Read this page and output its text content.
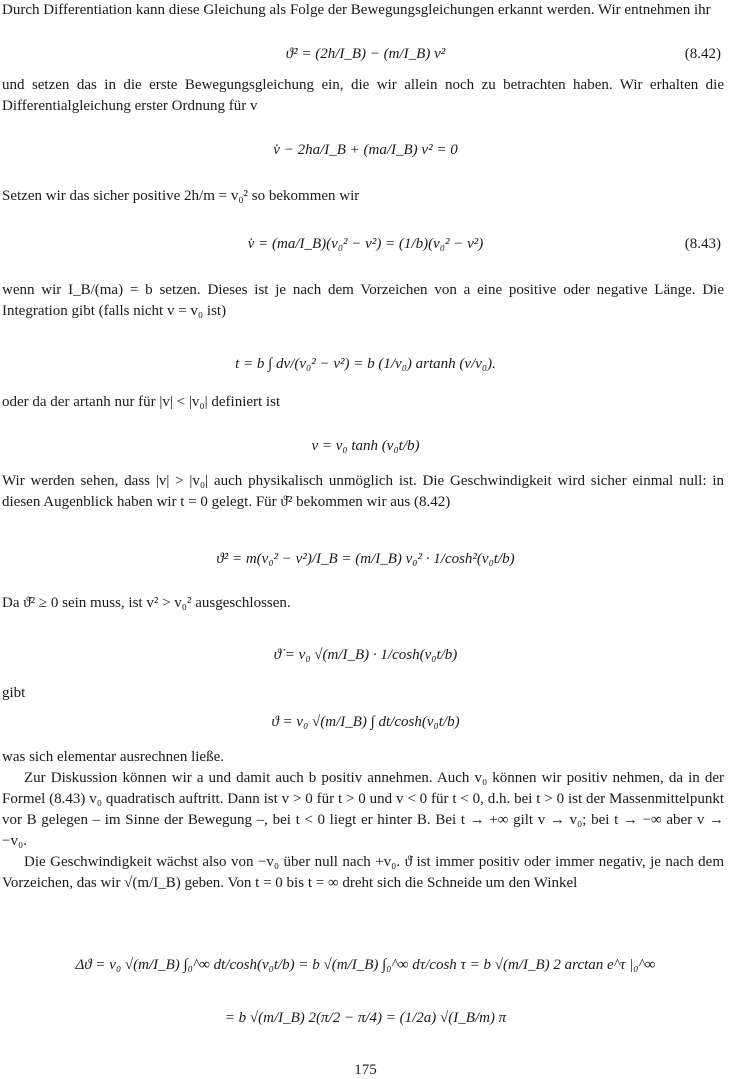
Durch Differentiation kann diese Gleichung als Folge der Bewegungsgleichungen erkannt werden. Wir entnehmen ihr
ϑ̇² = (2h/I_B) − (m/I_B) v²	(8.42)
und setzen das in die erste Bewegungsgleichung ein, die wir allein noch zu betrachten haben. Wir erhalten die Differentialgleichung erster Ordnung für v
v̇ − 2ha/I_B + (ma/I_B) v² = 0
Setzen wir das sicher positive 2h/m = v₀² so bekommen wir
v̇ = (ma/I_B)(v₀² − v²) = (1/b)(v₀² − v²)	(8.43)
wenn wir I_B/(ma) = b setzen. Dieses ist je nach dem Vorzeichen von a eine positive oder negative Länge. Die Integration gibt (falls nicht v = v₀ ist)
t = b ∫ dv/(v₀² − v²) = b (1/v₀) artanh (v/v₀).
oder da der artanh nur für |v| < |v₀| definiert ist
v = v₀ tanh (v₀t/b)
Wir werden sehen, dass |v| > |v₀| auch physikalisch unmöglich ist. Die Geschwindigkeit wird sicher einmal null: in diesen Augenblick haben wir t = 0 gelegt. Für ϑ̇² bekommen wir aus (8.42)
ϑ̇² = m(v₀² − v²)/I_B = (m/I_B) v₀² · 1/cosh²(v₀t/b)
Da ϑ̇² ≥ 0 sein muss, ist v² > v₀² ausgeschlossen.
ϑ̇ = v₀ √(m/I_B) · 1/cosh(v₀t/b)
gibt
ϑ = v₀ √(m/I_B) ∫ dt/cosh(v₀t/b)
was sich elementar ausrechnen ließe.
Zur Diskussion können wir a und damit auch b positiv annehmen. Auch v₀ können wir positiv nehmen, da in der Formel (8.43) v₀ quadratisch auftritt. Dann ist v > 0 für t > 0 und v < 0 für t < 0, d.h. bei t > 0 ist der Massenmittelpunkt vor B gelegen – im Sinne der Bewegung –, bei t < 0 liegt er hinter B. Bei t → +∞ gilt v → v₀; bei t → −∞ aber v → −v₀.
Die Geschwindigkeit wächst also von −v₀ über null nach +v₀. ϑ̇ ist immer positiv oder immer negativ, je nach dem Vorzeichen, das wir √(m/I_B) geben. Von t = 0 bis t = ∞ dreht sich die Schneide um den Winkel
Δϑ = v₀ √(m/I_B) ∫₀^∞ dt/cosh(v₀t/b) = b √(m/I_B) ∫₀^∞ dτ/cosh τ = b √(m/I_B) 2 arctan e^τ |₀^∞
= b √(m/I_B) 2(π/2 − π/4) = (1/2a) √(I_B/m) π
175
